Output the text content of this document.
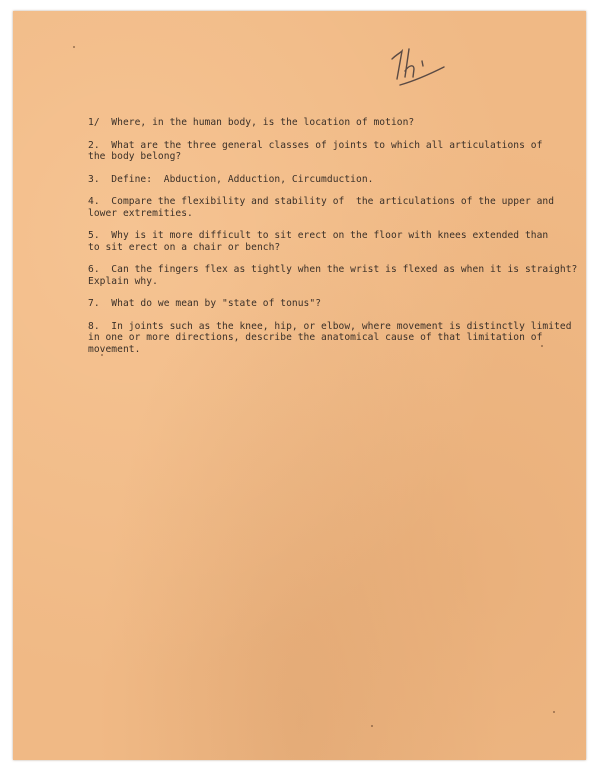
1/  Where, in the human body, is the location of motion?
2.  What are the three general classes of joints to which all articulations of
the body belong?
3.  Define:  Abduction, Adduction, Circumduction.
4.  Compare the flexibility and stability of  the articulations of the upper and
lower extremities.
5.  Why is it more difficult to sit erect on the floor with knees extended than
to sit erect on a chair or bench?
6.  Can the fingers flex as tightly when the wrist is flexed as when it is straight?
Explain why.
7.  What do we mean by "state of tonus"?
8.  In joints such as the knee, hip, or elbow, where movement is distinctly limited
in one or more directions, describe the anatomical cause of that limitation of
movement.
